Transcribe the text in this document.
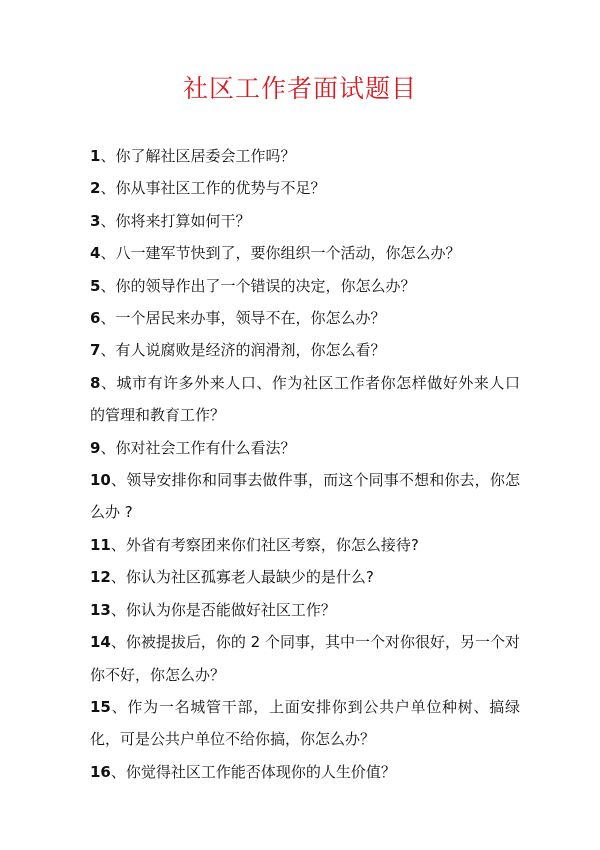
社区工作者面试题目
1 、 你了解社区居委会工作吗？
2 、 你从事社区工作的优势与不足？
3 、 你将来打算如何干？
4 、 八一建军节快到了，要你组织一个活动，你怎么办？
5 、 你的领导作出了一个错误的决定，你怎么办？
6 、 一个居民来办事，领导不在，你怎么办？
7 、 有人说腐败是经济的润滑剂，你怎么看？
8 、 城市有许多外来人口、作为社区工作者你怎样做好外来人口的管理和教育工作？
9 、 你对社会工作有什么看法？
10 、 领导安排你和同事去做件事，而这个同事不想和你去，你怎么办 ?
11 、 外省有考察团来你们社区考察，你怎么接待?
12 、 你认为社区孤寡老人最缺少的是什么?
13 、 你认为你是否能做好社区工作？
14 、 你被提拔后，你的 2 个同事，其中一个对你很好，另一个对你不好，你怎么办？
15 、 作为一名城管干部，上面安排你到公共户单位种树、搞绿化，可是公共户单位不给你搞，你怎么办？
16 、 你觉得社区工作能否体现你的人生价值？
